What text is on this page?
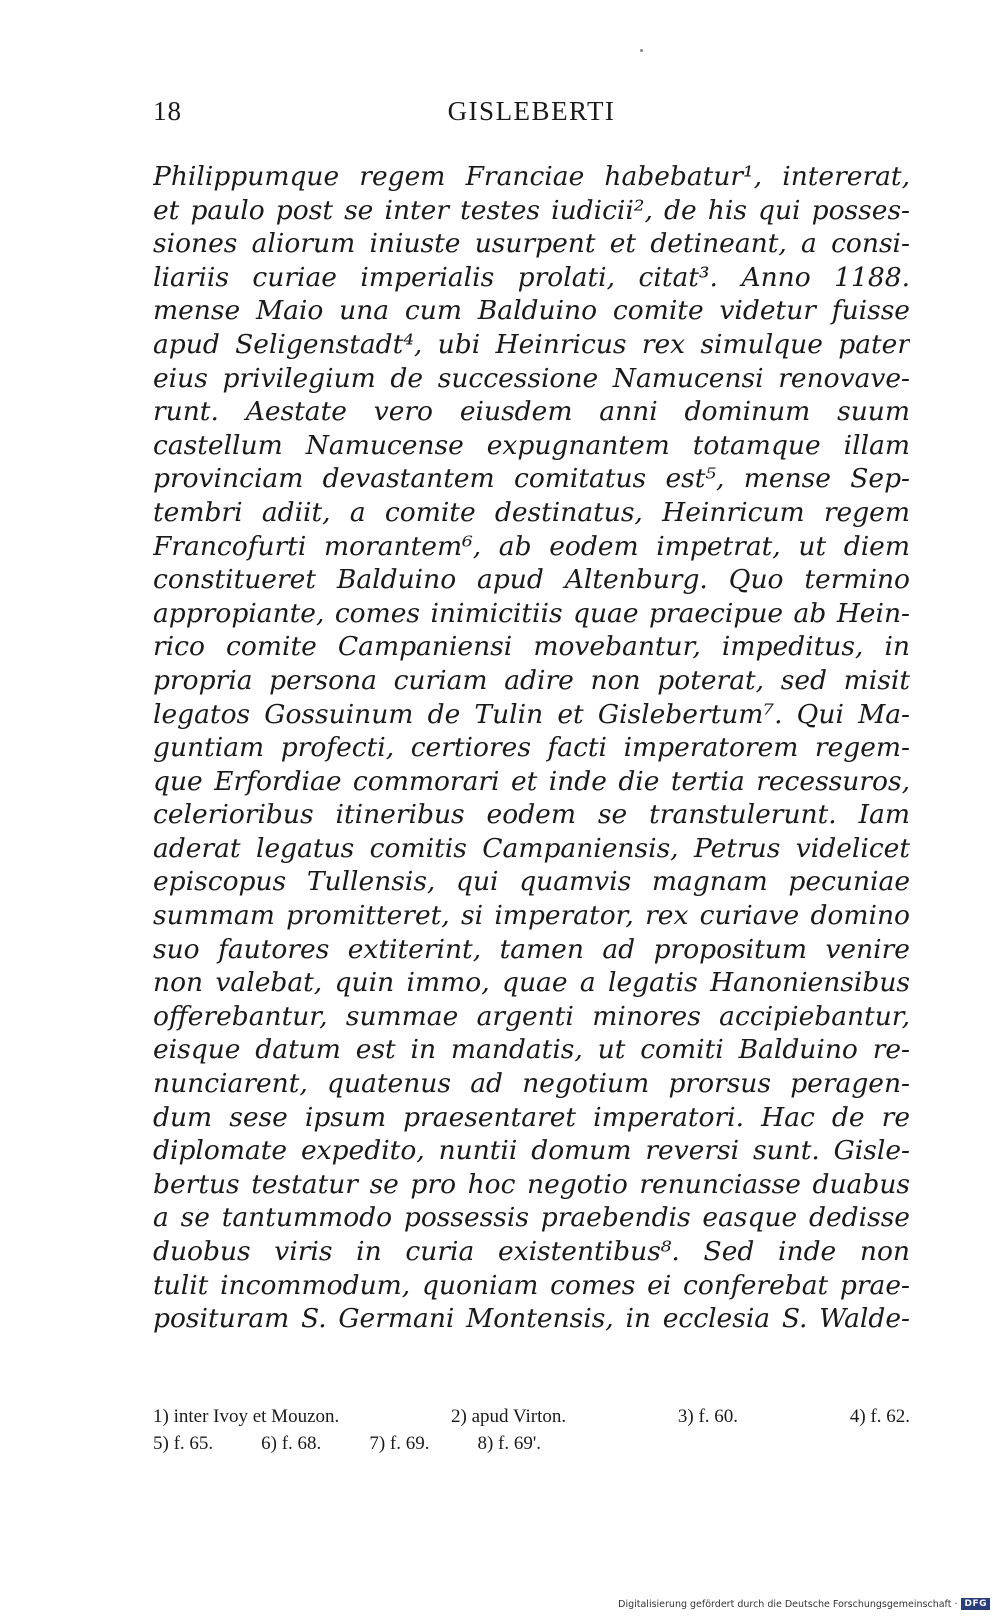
18	GISLEBERTI
Philippumque regem Franciae habebatur¹, intererat,
et paulo post se inter testes iudicii², de his qui posses-
siones aliorum iniuste usurpent et detineant, a consi-
liariis curiae imperialis prolati, citat³. Anno 1188.
mense Maio una cum Balduino comite videtur fuisse
apud Seligenstadt⁴, ubi Heinricus rex simulque pater
eius privilegium de successione Namucensi renovave-
runt. Aestate vero eiusdem anni dominum suum
castellum Namucense expugnantem totamque illam
provinciam devastantem comitatus est⁵, mense Sep-
tembri adiit, a comite destinatus, Heinricum regem
Francofurti morantem⁶, ab eodem impetrat, ut diem
constitueret Balduino apud Altenburg. Quo termino
appropiante, comes inimicitiis quae praecipue ab Hein-
rico comite Campaniensi movebantur, impeditus, in
propria persona curiam adire non poterat, sed misit
legatos Gossuinum de Tulin et Gislebertum⁷. Qui Ma-
guntiam profecti, certiores facti imperatorem regem-
que Erfordiae commorari et inde die tertia recessuros,
celerioribus itineribus eodem se transtulerunt. Iam
aderat legatus comitis Campaniensis, Petrus videlicet
episcopus Tullensis, qui quamvis magnam pecuniae
summam promitteret, si imperator, rex curiave domino
suo fautores extiterint, tamen ad propositum venire
non valebat, quin immo, quae a legatis Hanoniensibus
offerebantur, summae argenti minores accipiebantur,
eisque datum est in mandatis, ut comiti Balduino re-
nunciarent, quatenus ad negotium prorsus peragen-
dum sese ipsum praesentaret imperatori. Hac de re
diplomate expedito, nuntii domum reversi sunt. Gisle-
bertus testatur se pro hoc negotio renunciasse duabus
a se tantummodo possessis praebendis easque dedisse
duobus viris in curia existentibus⁸. Sed inde non
tulit incommodum, quoniam comes ei conferebat prae-
posituram S. Germani Montensis, in ecclesia S. Walde-
1) inter Ivoy et Mouzon.	2) apud Virton.	3) f. 60.	4) f. 62.
5) f. 65.	6) f. 68.	7) f. 69.	8) f. 69'.
Digitalisierung gefördert durch die Deutsche Forschungsgemeinschaft · DFG
